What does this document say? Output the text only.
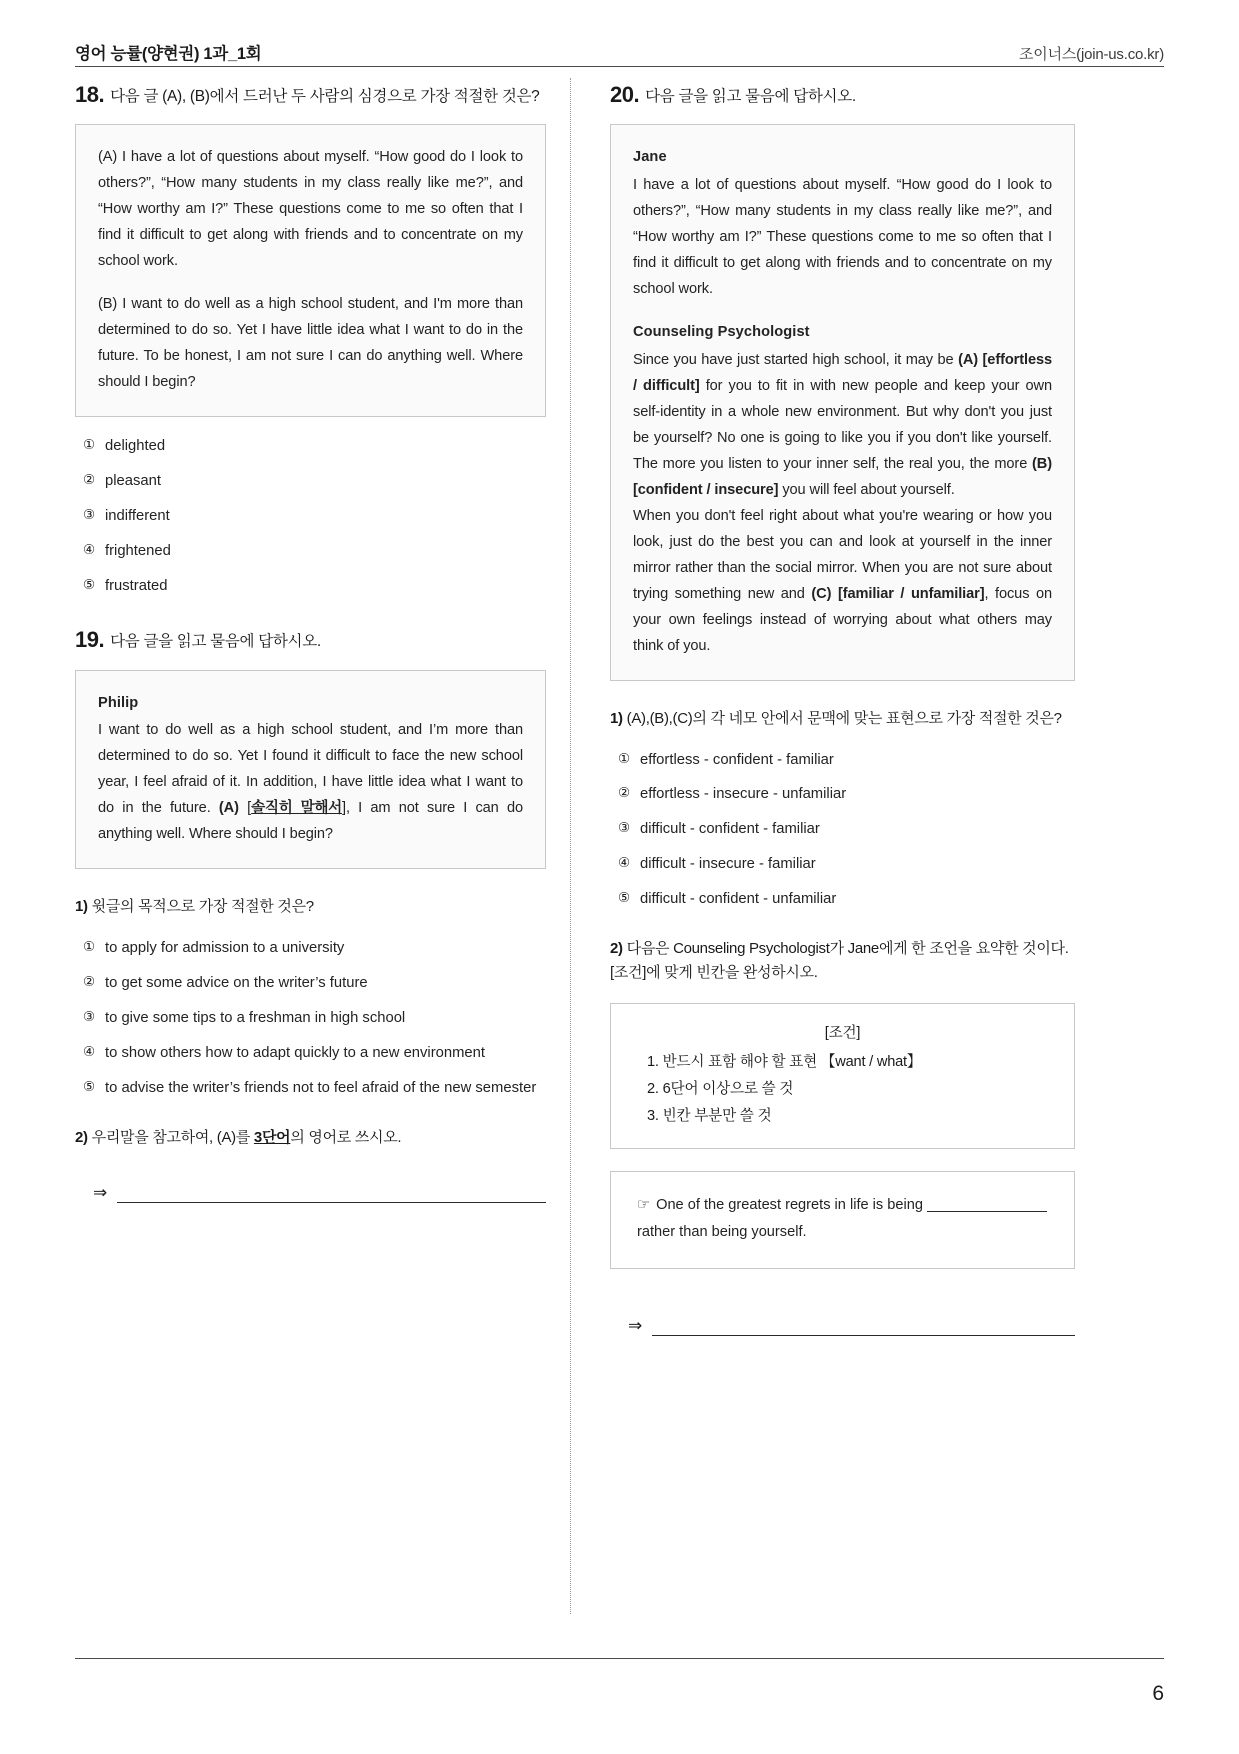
영어 능률(양현권) 1과_1회	조이너스(join-us.co.kr)
18. 다음 글 (A), (B)에서 드러난 두 사람의 심경으로 가장 적절한 것은?

(A) I have a lot of questions about myself. “How good do I look to others?”, “How many students in my class really like me?”, and “How worthy am I?” These questions come to me so often that I find it difficult to get along with friends and to concentrate on my school work.

(B) I want to do well as a high school student, and I'm more than determined to do so. Yet I have little idea what I want to do in the future. To be honest, I am not sure I can do anything well. Where should I begin?

① delighted
② pleasant
③ indifferent
④ frightened
⑤ frustrated
19. 다음 글을 읽고 물음에 답하시오.
Philip

I want to do well as a high school student, and I’m more than determined to do so. Yet I found it difficult to face the new school year, I feel afraid of it. In addition, I have little idea what I want to do in the future. (A) [솔직히 말해서], I am not sure I can do anything well. Where should I begin?

1) 윗글의 목적으로 가장 적절한 것은?
① to apply for admission to a university
② to get some advice on the writer’s future
③ to give some tips to a freshman in high school
④ to show others how to adapt quickly to a new environment
⑤ to advise the writer’s friends not to feel afraid of the new semester
2) 우리말을 참고하여, (A)를 3단어의 영어로 쓰시오.
⇒
20. 다음 글을 읽고 물음에 답하시오.
Jane

I have a lot of questions about myself. “How good do I look to others?”, “How many students in my class really like me?”, and “How worthy am I?” These questions come to me so often that I find it difficult to get along with friends and to concentrate on my school work.

Counseling Psychologist

Since you have just started high school, it may be (A) [effortless / difficult] for you to fit in with new people and keep your own self-identity in a whole new environment. But why don't you just be yourself? No one is going to like you if you don't like yourself. The more you listen to your inner self, the real you, the more (B) [confident / insecure] you will feel about yourself.

When you don't feel right about what you're wearing or how you look, just do the best you can and look at yourself in the inner mirror rather than the social mirror. When you are not sure about trying something new and (C) [familiar / unfamiliar], focus on your own feelings instead of worrying about what others may think of you.

1) (A),(B),(C)의 각 네모 안에서 문맥에 맞는 표현으로 가장 적절한 것은?
① effortless - confident - familiar
② effortless - insecure - unfamiliar
③ difficult - confident - familiar
④ difficult - insecure - familiar
⑤ difficult - confident - unfamiliar
2) 다음은 Counseling Psychologist가 Jane에게 한 조언을 요약한 것이다. [조건]에 맞게 빈칸을 완성하시오.
[조건]
1. 반드시 표함 해야 할 표현 【want / what】
2. 6단어 이상으로 쓸 것
3. 빈칸 부분만 쓸 것
☞ One of the greatest regrets in life is being  rather than being yourself.
⇒
6
